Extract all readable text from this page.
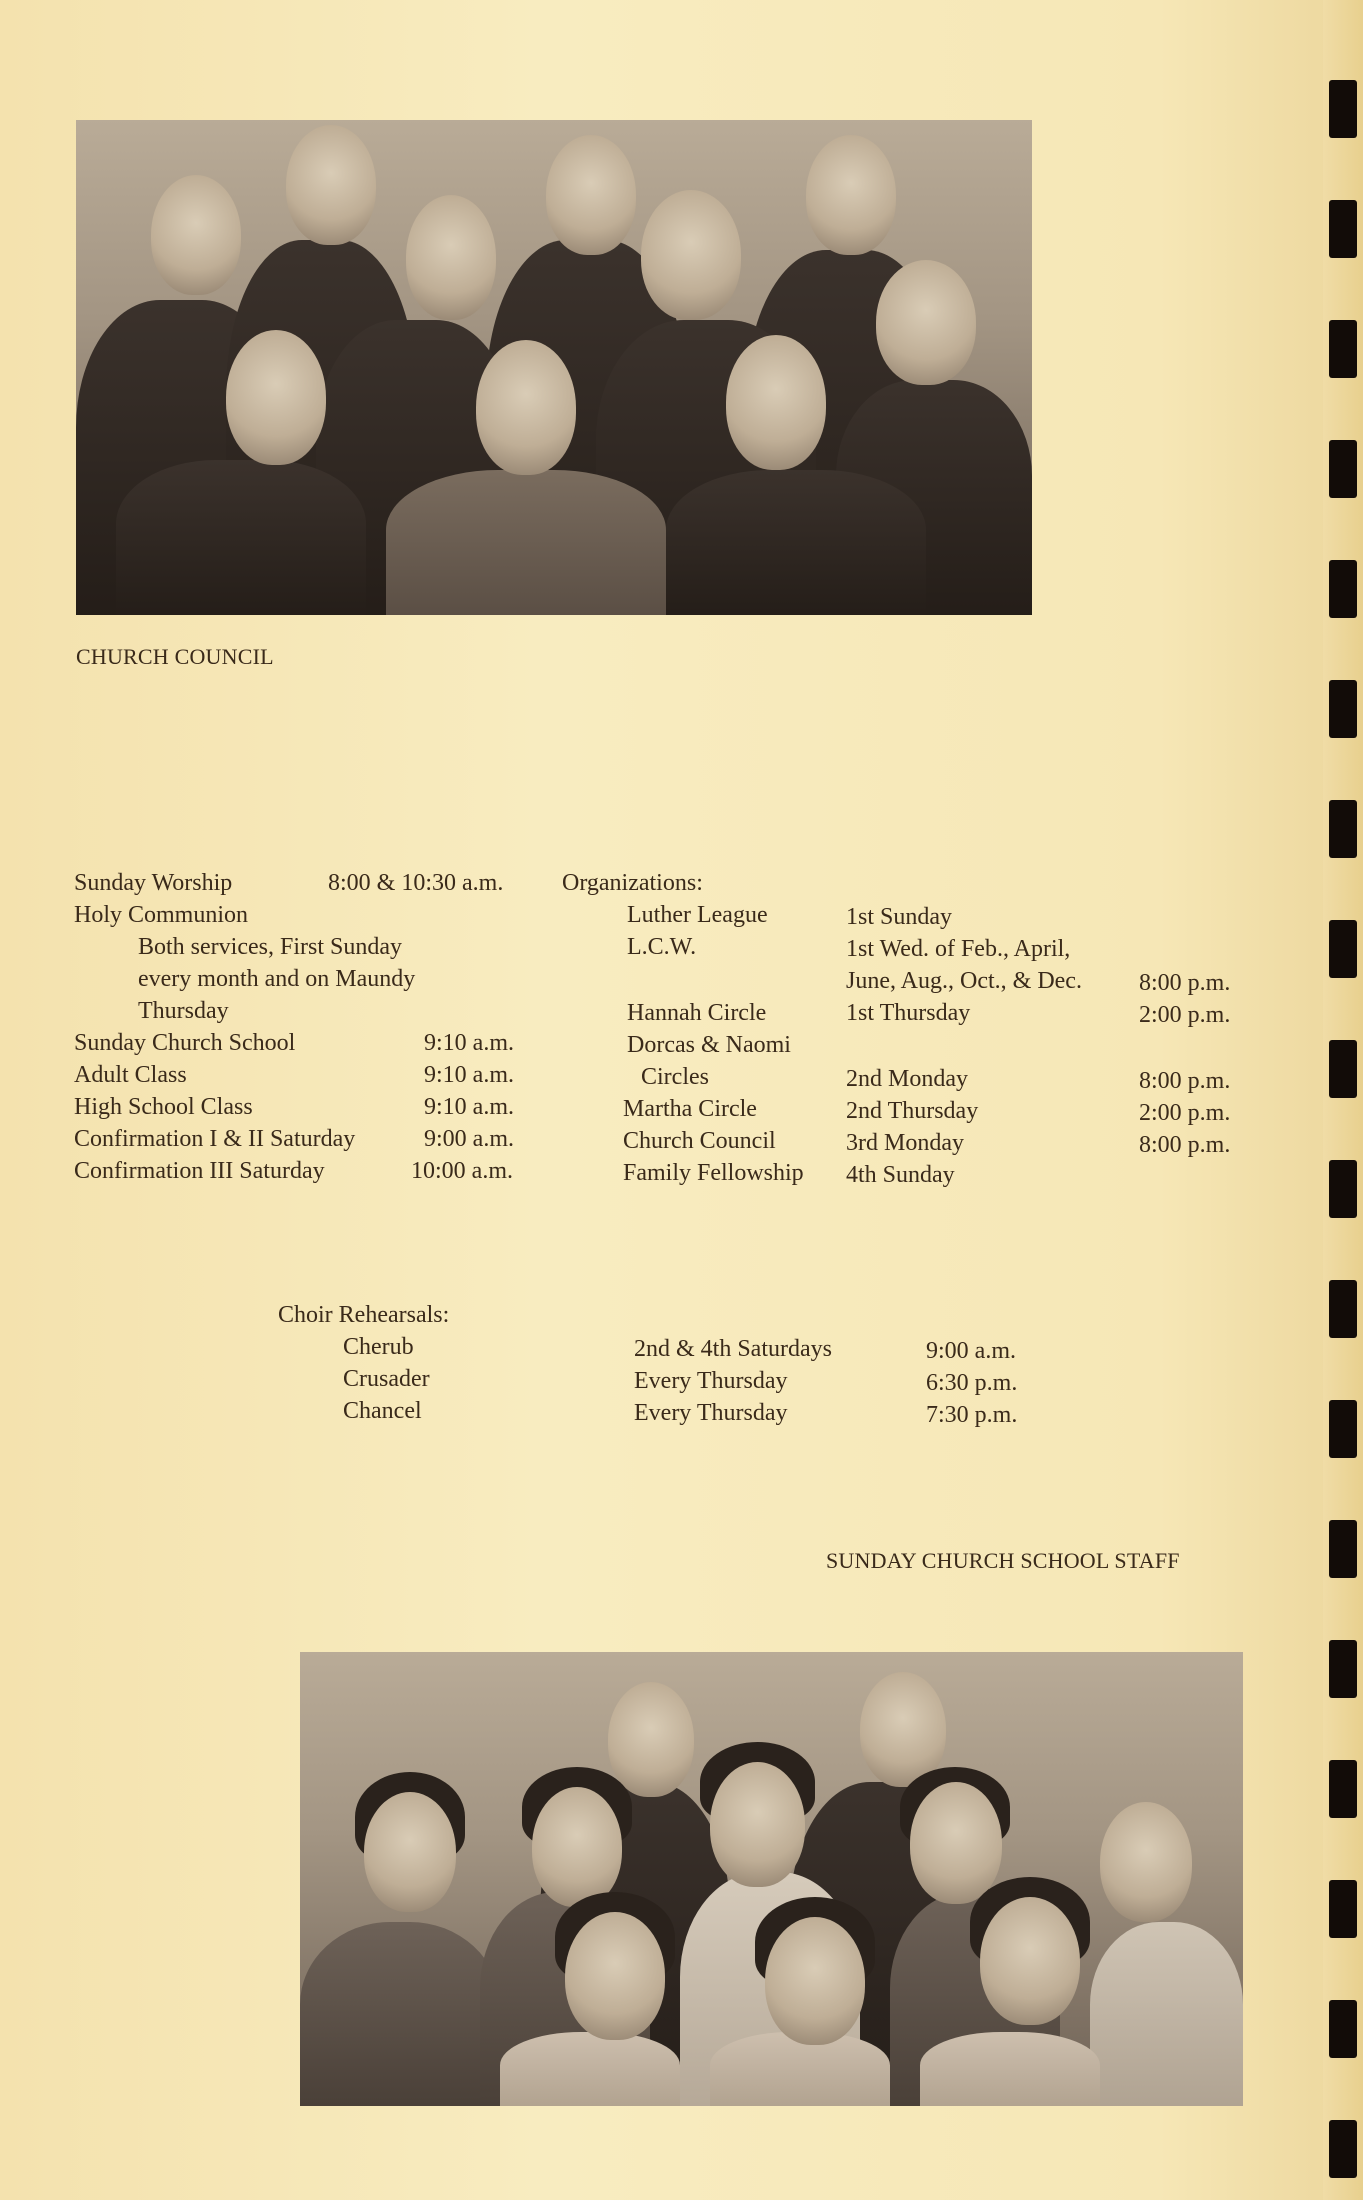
CHURCH COUNCIL
Sunday Worship	8:00 & 10:30 a.m.
Holy Communion
Both services, First Sunday
every month and on Maundy
Thursday
Sunday Church School	9:10 a.m.
Adult Class	9:10 a.m.
High School Class	9:10 a.m.
Confirmation I & II Saturday	9:00 a.m.
Confirmation III Saturday	10:00 a.m.
Organizations:
Luther League	1st Sunday
L.C.W.	1st Wed. of Feb., April,
June, Aug., Oct., & Dec. 8:00 p.m.
Hannah Circle	1st Thursday	2:00 p.m.
Dorcas & Naomi
Circles	2nd Monday	8:00 p.m.
Martha Circle	2nd Thursday	2:00 p.m.
Church Council	3rd Monday	8:00 p.m.
Family Fellowship 4th Sunday
Choir Rehearsals:
Cherub	2nd & 4th Saturdays	9:00 a.m.
Crusader	Every Thursday	6:30 p.m.
Chancel	Every Thursday	7:30 p.m.
SUNDAY CHURCH SCHOOL STAFF
